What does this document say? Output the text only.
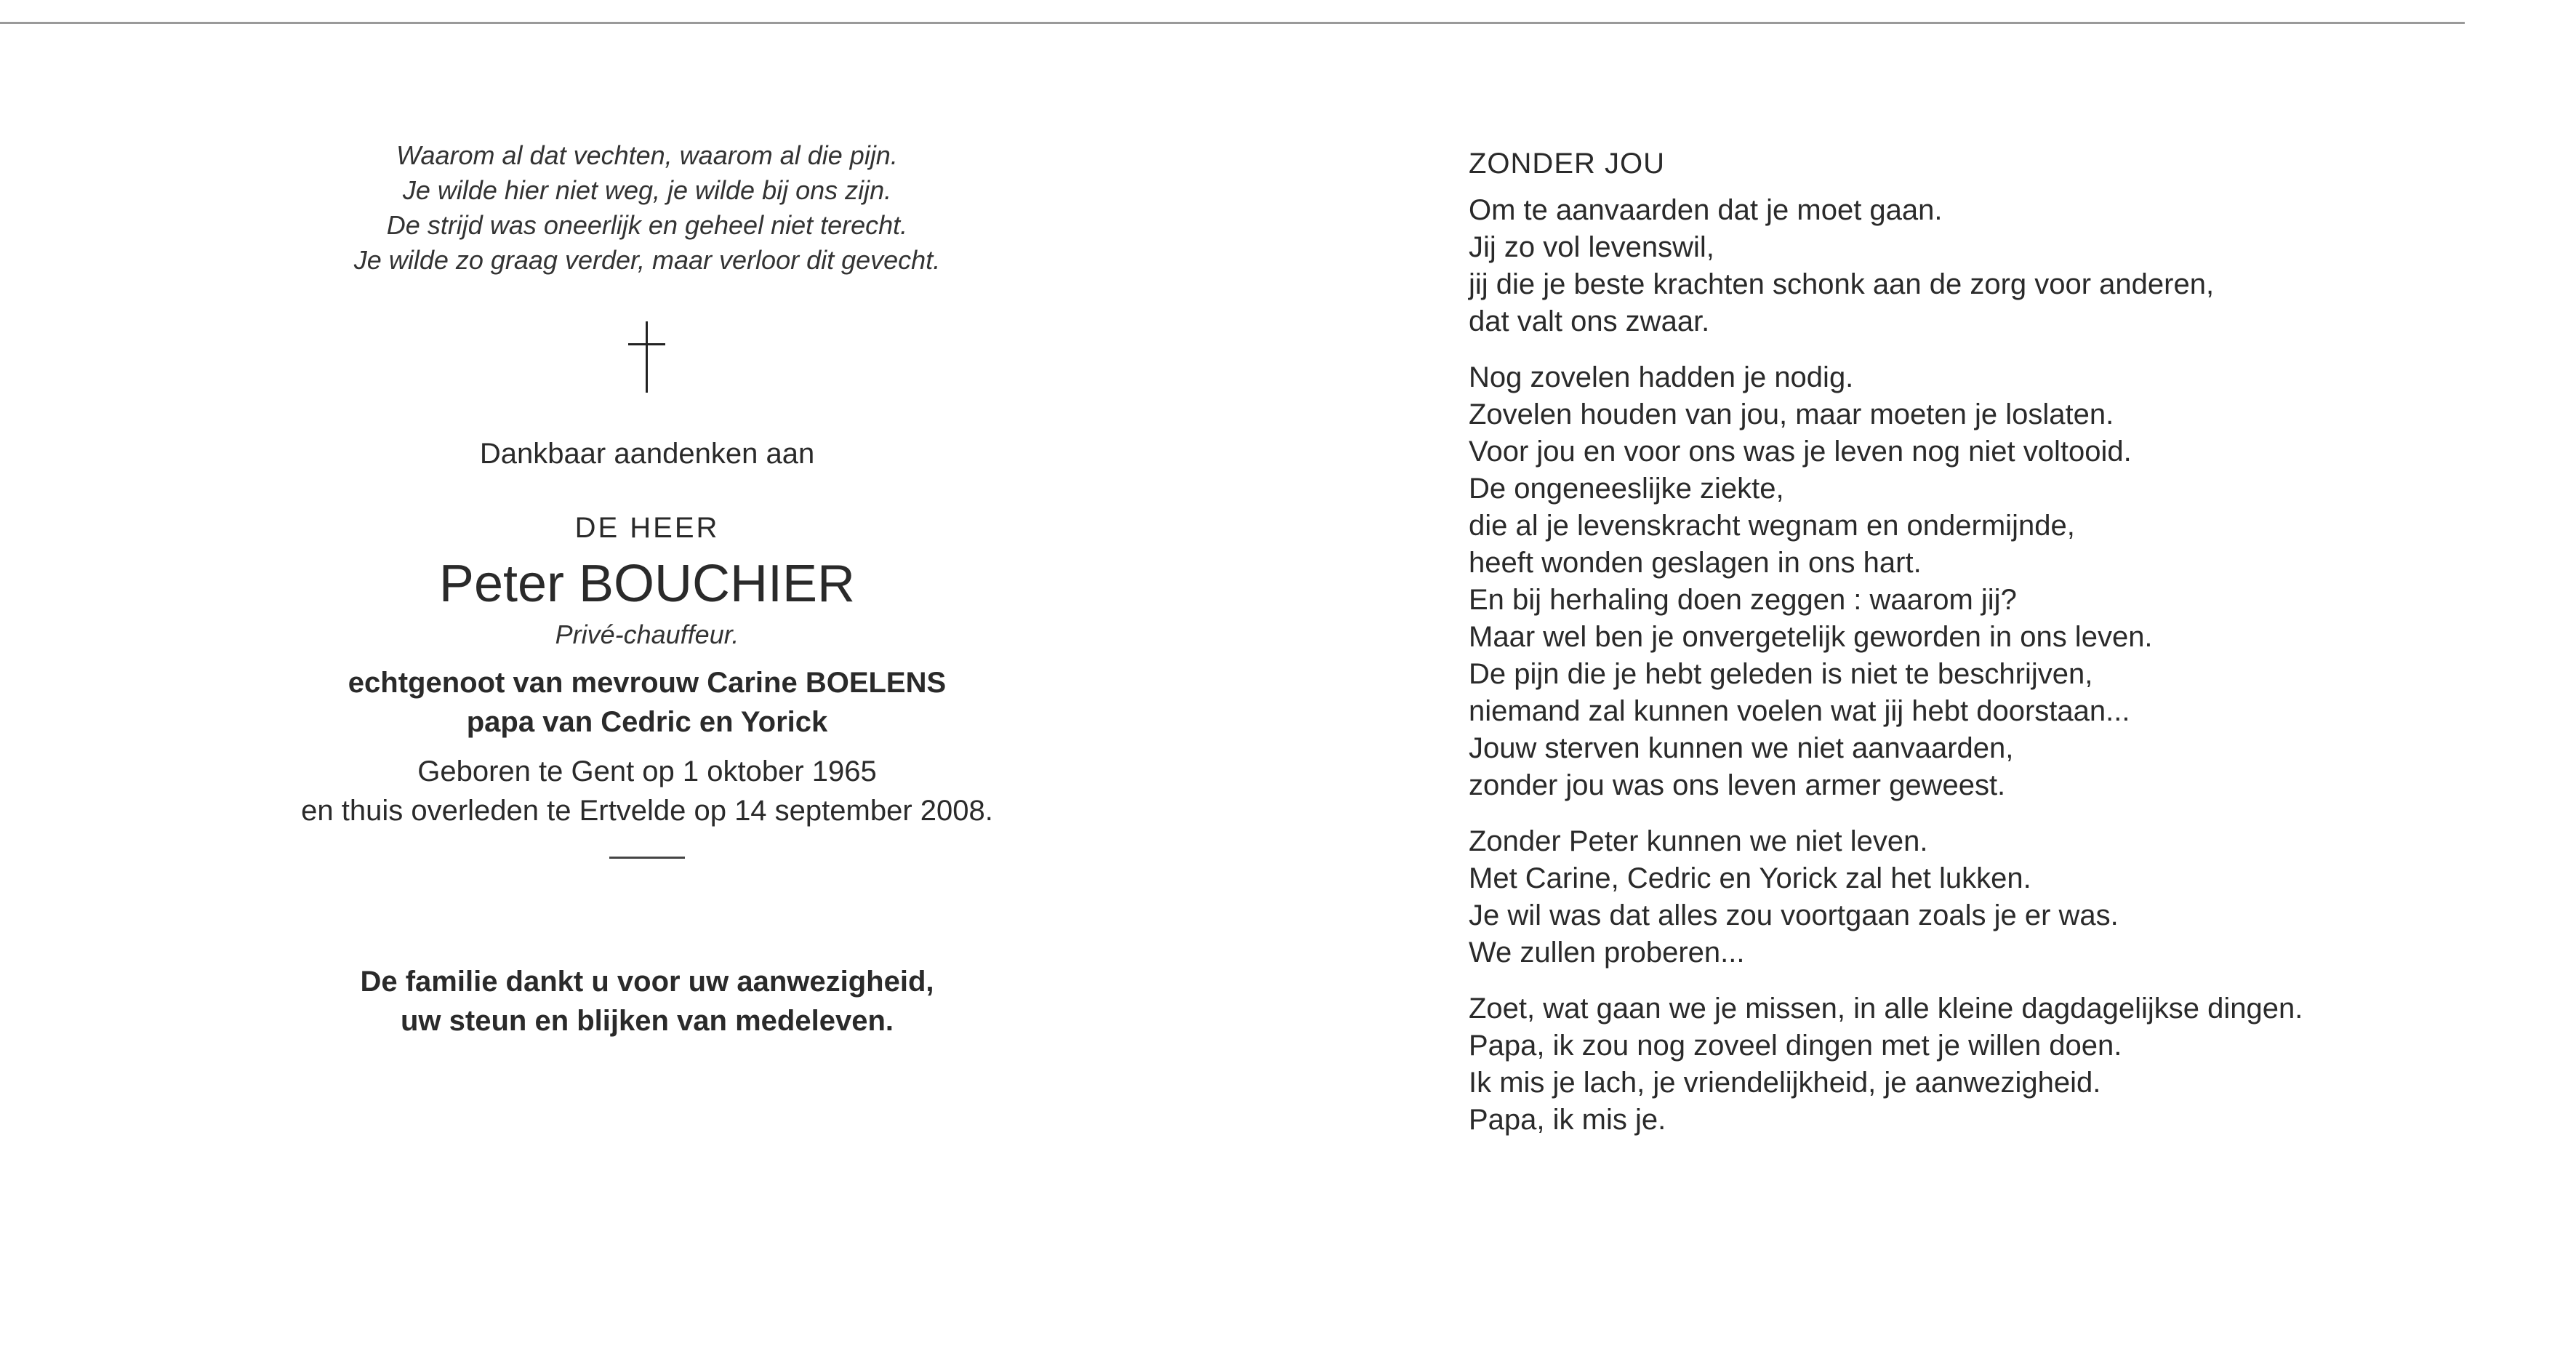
Waarom al dat vechten, waarom al die pijn.
Je wilde hier niet weg, je wilde bij ons zijn.
De strijd was oneerlijk en geheel niet terecht.
Je wilde zo graag verder, maar verloor dit gevecht.
Dankbaar aandenken aan
DE HEER
Peter BOUCHIER
Privé-chauffeur.
echtgenoot van mevrouw Carine BOELENS
papa van Cedric en Yorick
Geboren te Gent op 1 oktober 1965
en thuis overleden te Ertvelde op 14 september 2008.
De familie dankt u voor uw aanwezigheid,
uw steun en blijken van medeleven.
ZONDER JOU
Om te aanvaarden dat je moet gaan.
Jij zo vol levenswil,
jij die je beste krachten schonk aan de zorg voor anderen,
dat valt ons zwaar.
Nog zovelen hadden je nodig.
Zovelen houden van jou, maar moeten je loslaten.
Voor jou en voor ons was je leven nog niet voltooid.
De ongeneeslijke ziekte,
die al je levenskracht wegnam en ondermijnde,
heeft wonden geslagen in ons hart.
En bij herhaling doen zeggen : waarom jij?
Maar wel ben je onvergetelijk geworden in ons leven.
De pijn die je hebt geleden is niet te beschrijven,
niemand zal kunnen voelen wat jij hebt doorstaan...
Jouw sterven kunnen we niet aanvaarden,
zonder jou was ons leven armer geweest.
Zonder Peter kunnen we niet leven.
Met Carine, Cedric en Yorick zal het lukken.
Je wil was dat alles zou voortgaan zoals je er was.
We zullen proberen...
Zoet, wat gaan we je missen, in alle kleine dagdagelijkse dingen.
Papa, ik zou nog zoveel dingen met je willen doen.
Ik mis je lach, je vriendelijkheid, je aanwezigheid.
Papa, ik mis je.
